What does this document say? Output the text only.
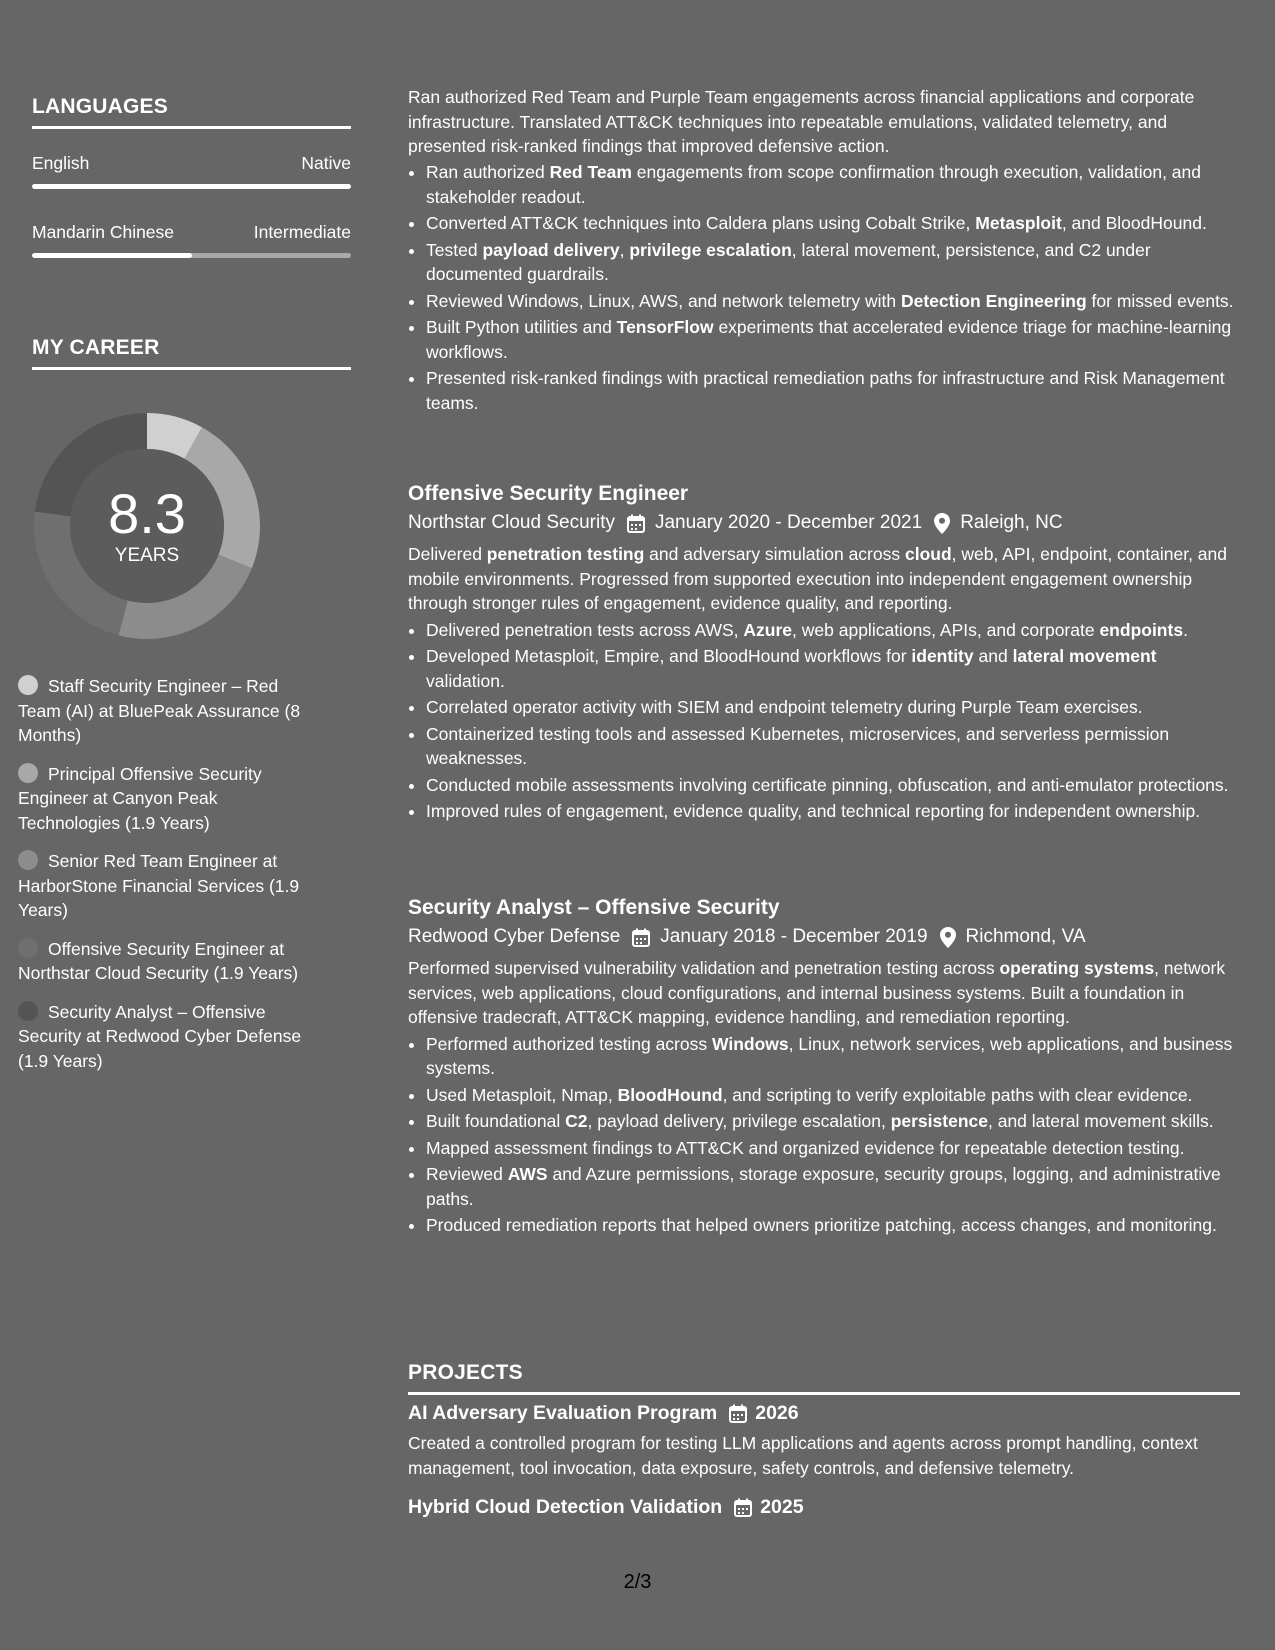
LANGUAGES
English	Native
Mandarin Chinese	Intermediate
MY CAREER
8.3
YEARS
Staff Security Engineer – Red Team (AI) at BluePeak Assurance (8 Months)
Principal Offensive Security Engineer at Canyon Peak Technologies (1.9 Years)
Senior Red Team Engineer at HarborStone Financial Services (1.9 Years)
Offensive Security Engineer at Northstar Cloud Security (1.9 Years)
Security Analyst – Offensive Security at Redwood Cyber Defense (1.9 Years)

Ran authorized Red Team and Purple Team engagements across financial applications and corporate infrastructure. Translated ATT&CK techniques into repeatable emulations, validated telemetry, and presented risk-ranked findings that improved defensive action.

• Ran authorized Red Team engagements from scope confirmation through execution, validation, and stakeholder readout.
• Converted ATT&CK techniques into Caldera plans using Cobalt Strike, Metasploit, and BloodHound.
• Tested payload delivery, privilege escalation, lateral movement, persistence, and C2 under documented guardrails.
• Reviewed Windows, Linux, AWS, and network telemetry with Detection Engineering for missed events.
• Built Python utilities and TensorFlow experiments that accelerated evidence triage for machine-learning workflows.
• Presented risk-ranked findings with practical remediation paths for infrastructure and Risk Management teams.
Offensive Security Engineer
Northstar Cloud Security January 2020 - December 2021 Raleigh, NC

Delivered penetration testing and adversary simulation across cloud, web, API, endpoint, container, and mobile environments. Progressed from supported execution into independent engagement ownership through stronger rules of engagement, evidence quality, and reporting.

• Delivered penetration tests across AWS, Azure, web applications, APIs, and corporate endpoints.
• Developed Metasploit, Empire, and BloodHound workflows for identity and lateral movement validation.
• Correlated operator activity with SIEM and endpoint telemetry during Purple Team exercises.
• Containerized testing tools and assessed Kubernetes, microservices, and serverless permission weaknesses.
• Conducted mobile assessments involving certificate pinning, obfuscation, and anti-emulator protections.
• Improved rules of engagement, evidence quality, and technical reporting for independent ownership.
Security Analyst – Offensive Security
Redwood Cyber Defense January 2018 - December 2019 Richmond, VA

Performed supervised vulnerability validation and penetration testing across operating systems, network services, web applications, cloud configurations, and internal business systems. Built a foundation in offensive tradecraft, ATT&CK mapping, evidence handling, and remediation reporting.

• Performed authorized testing across Windows, Linux, network services, web applications, and business systems.
• Used Metasploit, Nmap, BloodHound, and scripting to verify exploitable paths with clear evidence.
• Built foundational C2, payload delivery, privilege escalation, persistence, and lateral movement skills.
• Mapped assessment findings to ATT&CK and organized evidence for repeatable detection testing.
• Reviewed AWS and Azure permissions, storage exposure, security groups, logging, and administrative paths.
• Produced remediation reports that helped owners prioritize patching, access changes, and monitoring.
PROJECTS
AI Adversary Evaluation Program 2026

Created a controlled program for testing LLM applications and agents across prompt handling, context management, tool invocation, data exposure, safety controls, and defensive telemetry.

Hybrid Cloud Detection Validation 2025
2/3
